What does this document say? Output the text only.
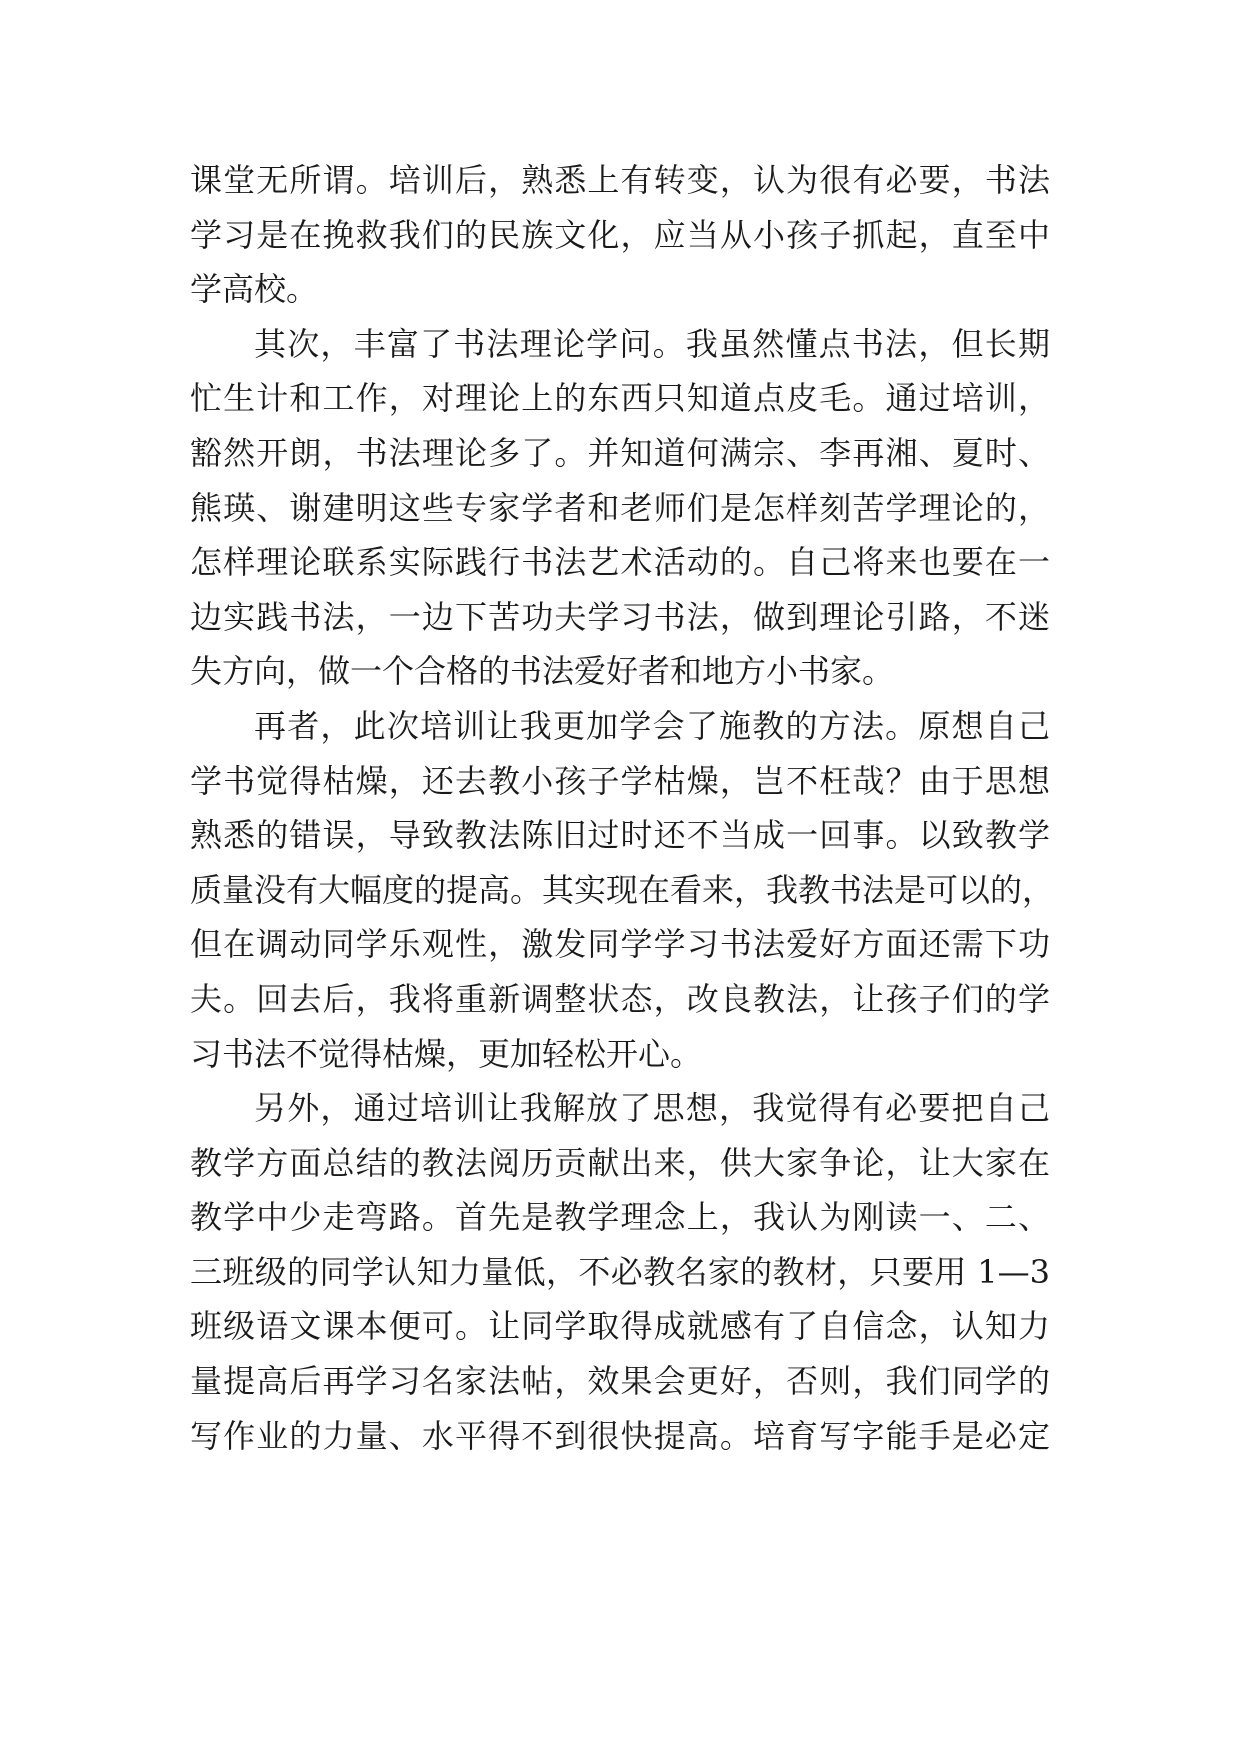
课堂无所谓。培训后，熟悉上有转变，认为很有必要，书法
学习是在挽救我们的民族文化，应当从小孩子抓起，直至中
学高校。
其次，丰富了书法理论学问。我虽然懂点书法，但长期
忙生计和工作，对理论上的东西只知道点皮毛。通过培训，
豁然开朗，书法理论多了。并知道何满宗、李再湘、夏时、
熊瑛、谢建明这些专家学者和老师们是怎样刻苦学理论的，
怎样理论联系实际践行书法艺术活动的。自己将来也要在一
边实践书法，一边下苦功夫学习书法，做到理论引路，不迷
失方向，做一个合格的书法爱好者和地方小书家。
再者，此次培训让我更加学会了施教的方法。原想自己
学书觉得枯燥，还去教小孩子学枯燥，岂不枉哉？由于思想
熟悉的错误，导致教法陈旧过时还不当成一回事。以致教学
质量没有大幅度的提高。其实现在看来，我教书法是可以的，
但在调动同学乐观性，激发同学学习书法爱好方面还需下功
夫。回去后，我将重新调整状态，改良教法，让孩子们的学
习书法不觉得枯燥，更加轻松开心。
另外，通过培训让我解放了思想，我觉得有必要把自己
教学方面总结的教法阅历贡献出来，供大家争论，让大家在
教学中少走弯路。首先是教学理念上，我认为刚读一、二、
三班级的同学认知力量低，不必教名家的教材，只要用 1—3
班级语文课本便可。让同学取得成就感有了自信念，认知力
量提高后再学习名家法帖，效果会更好，否则，我们同学的
写作业的力量、水平得不到很快提高。培育写字能手是必定
